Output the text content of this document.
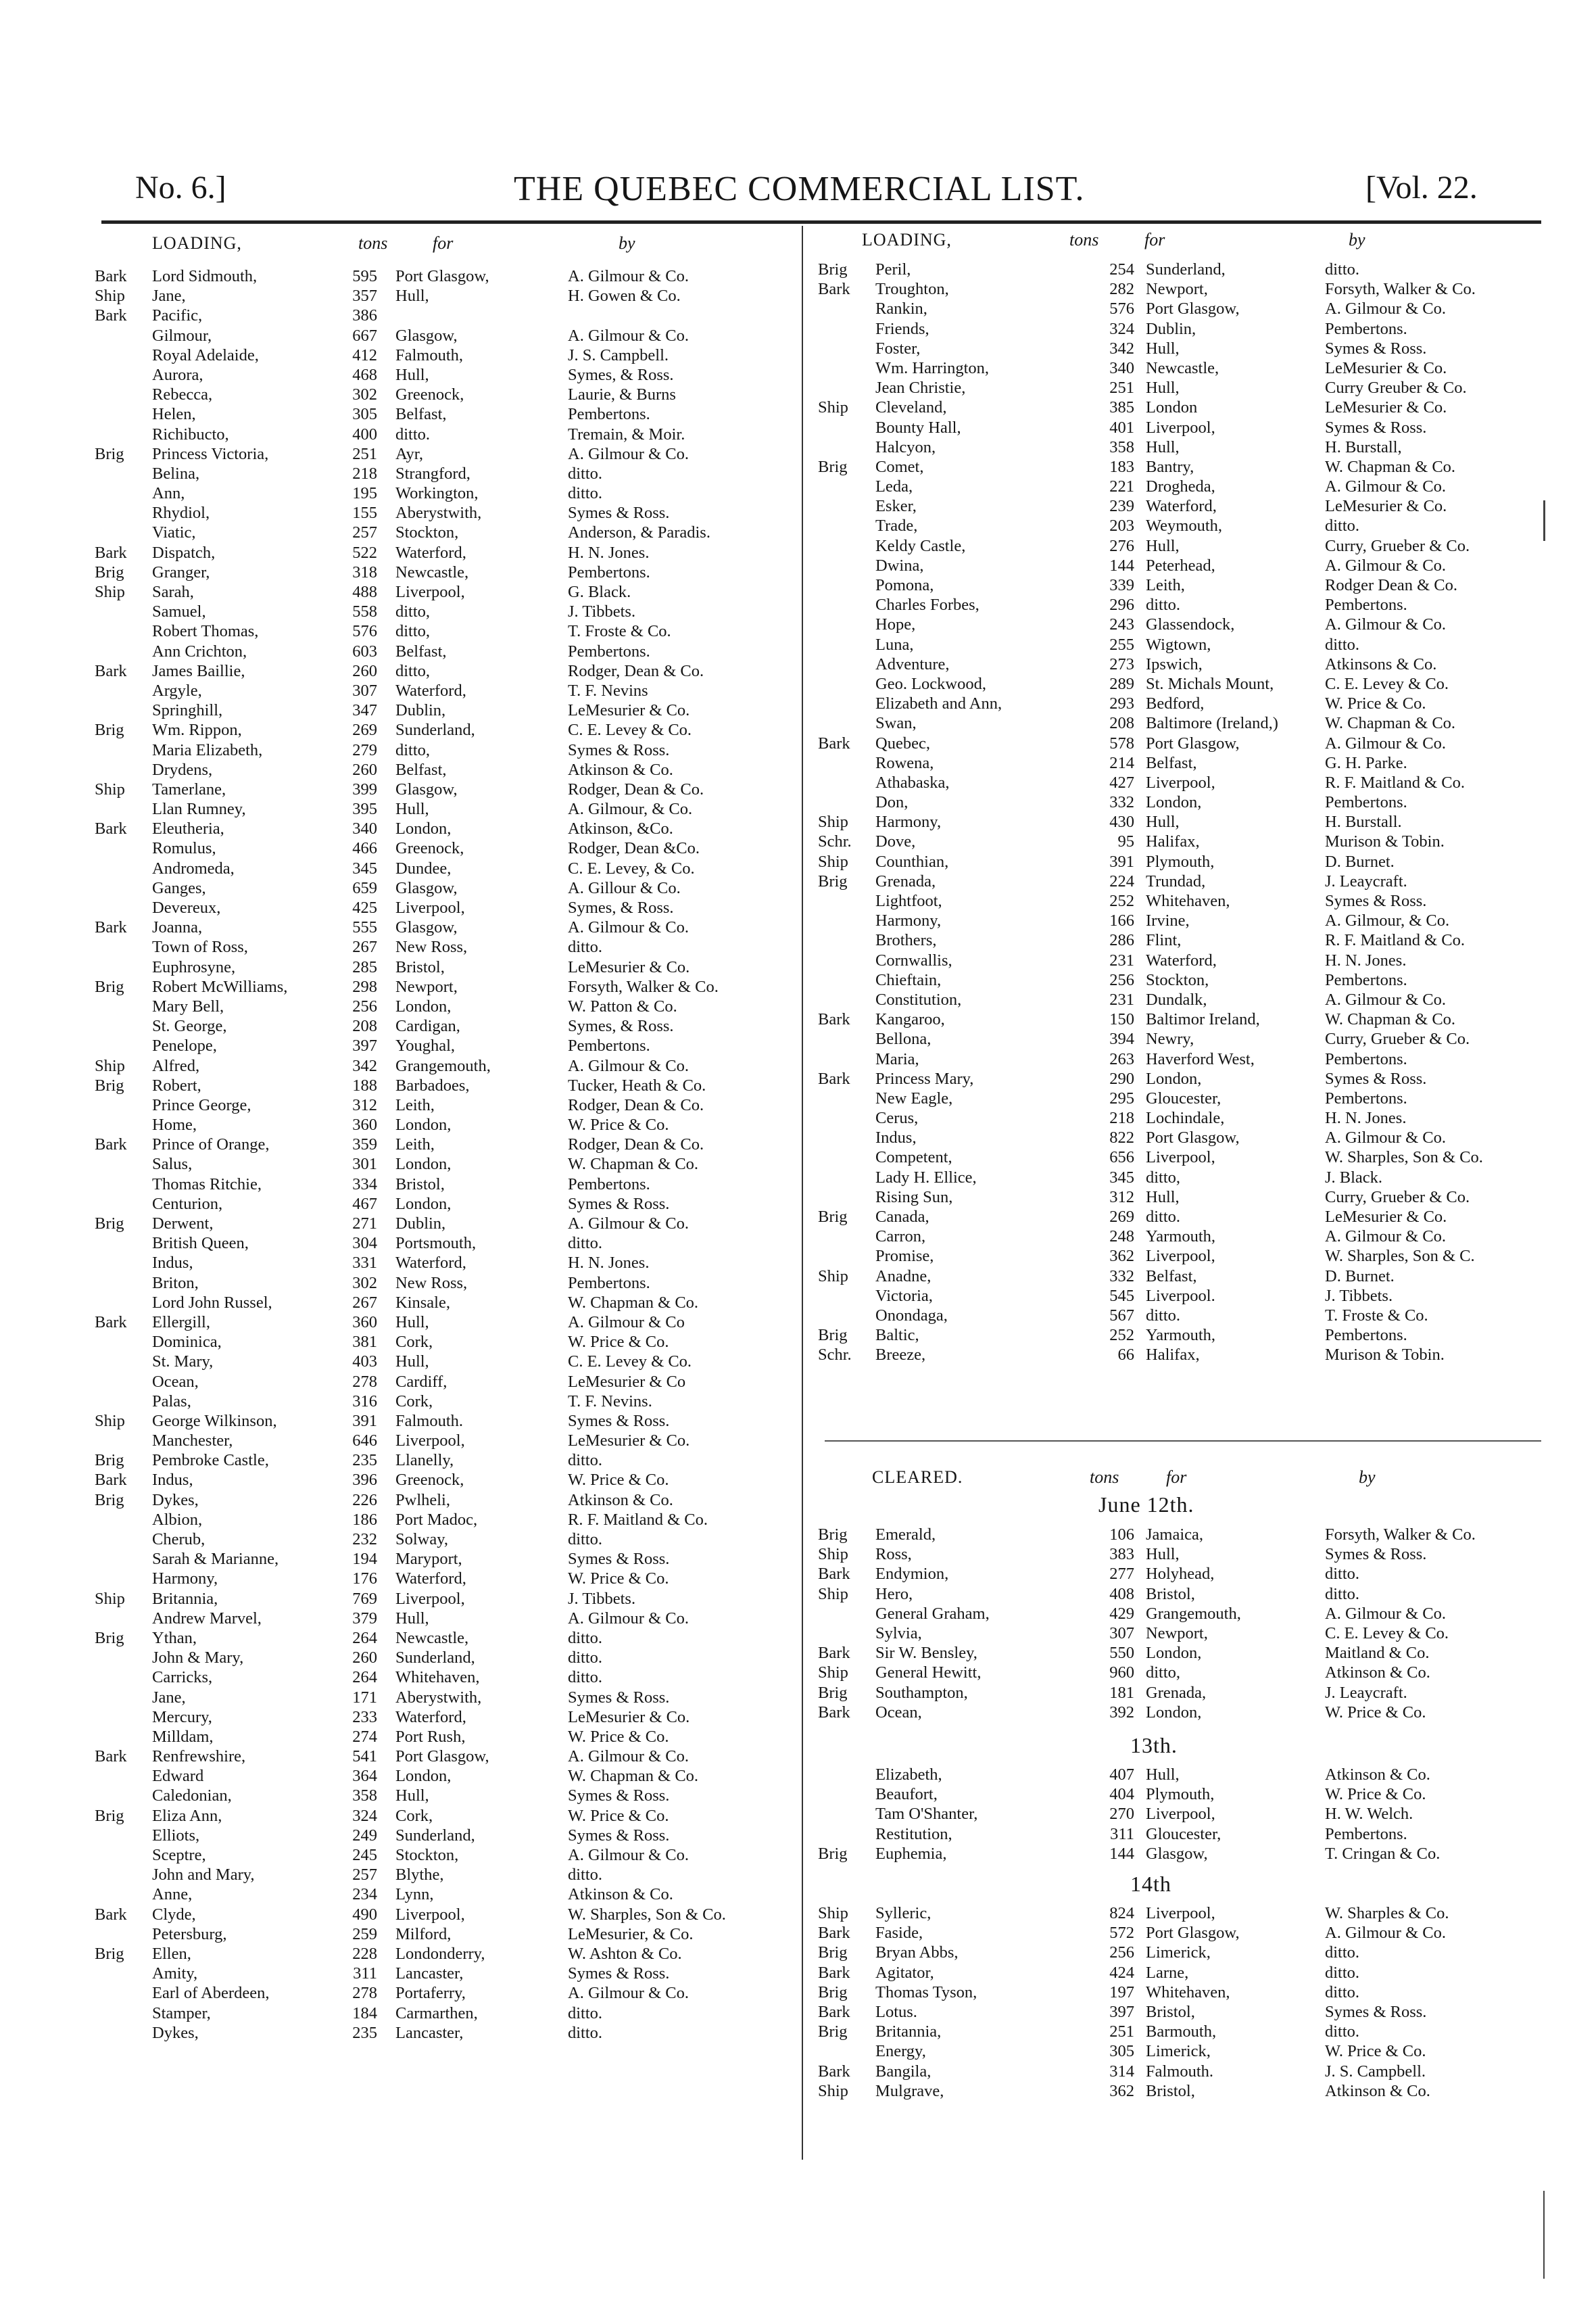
No. 6.]	THE QUEBEC COMMERCIAL LIST.	[Vol. 22.
LOADING,	tons	for	by
Bark Lord Sidmouth,	595 Port Glasgow,	A. Gilmour & Co.
Ship Jane,	357 Hull,	H. Gowen & Co.
Bark Pacific,	386
Gilmour,	667 Glasgow,	A. Gilmour & Co.
Royal Adelaide,	412 Falmouth,	J. S. Campbell.
Aurora,	468 Hull,	Symes, & Ross.
Rebecca,	302 Greenock,	Laurie, & Burns
Helen,	305 Belfast,	Pembertons.
Richibucto,	400 ditto.	Tremain, & Moir.
Brig Princess Victoria,	251 Ayr,	A. Gilmour & Co.
Belina,	218 Strangford,	ditto.
Ann,	195 Workington,	ditto.
Rhydiol,	155 Aberystwith,	Symes & Ross.
Viatic,	257 Stockton,	Anderson, & Paradis.
Bark Dispatch,	522 Waterford,	H. N. Jones.
Brig Granger,	318 Newcastle,	Pembertons.
Ship Sarah,	488 Liverpool,	G. Black.
Samuel,	558 ditto,	J. Tibbets.
Robert Thomas,	576 ditto,	T. Froste & Co.
Ann Crichton,	603 Belfast,	Pembertons.
Bark James Baillie,	260 ditto,	Rodger, Dean & Co.
Argyle,	307 Waterford,	T. F. Nevins
Springhill,	347 Dublin,	LeMesurier & Co.
Brig Wm. Rippon,	269 Sunderland,	C. E. Levey & Co.
Maria Elizabeth,	279 ditto,	Symes & Ross.
Drydens,	260 Belfast,	Atkinson & Co.
Ship Tamerlane,	399 Glasgow,	Rodger, Dean & Co.
Llan Rumney,	395 Hull,	A. Gilmour, & Co.
Bark Eleutheria,	340 London,	Atkinson, &Co.
Romulus,	466 Greenock,	Rodger, Dean &Co.
Andromeda,	345 Dundee,	C. E. Levey, & Co.
Ganges,	659 Glasgow,	A. Gillour & Co.
Devereux,	425 Liverpool,	Symes, & Ross.
Bark Joanna,	555 Glasgow,	A. Gilmour & Co.
Town of Ross,	267 New Ross,	ditto.
Euphrosyne,	285 Bristol,	LeMesurier & Co.
Brig Robert McWilliams,	298 Newport,	Forsyth, Walker & Co.
Mary Bell,	256 London,	W. Patton & Co.
St. George,	208 Cardigan,	Symes, & Ross.
Penelope,	397 Youghal,	Pembertons.
Ship Alfred,	342 Grangemouth,	A. Gilmour & Co.
Brig Robert,	188 Barbadoes,	Tucker, Heath & Co.
Prince George,	312 Leith,	Rodger, Dean & Co.
Home,	360 London,	W. Price & Co.
Bark Prince of Orange,	359 Leith,	Rodger, Dean & Co.
Salus,	301 London,	W. Chapman & Co.
Thomas Ritchie,	334 Bristol,	Pembertons.
Centurion,	467 London,	Symes & Ross.
Brig Derwent,	271 Dublin,	A. Gilmour & Co.
British Queen,	304 Portsmouth,	ditto.
Indus,	331 Waterford,	H. N. Jones.
Briton,	302 New Ross,	Pembertons.
Lord John Russel,	267 Kinsale,	W. Chapman & Co.
Bark Ellergill,	360 Hull,	A. Gilmour & Co
Dominica,	381 Cork,	W. Price & Co.
St. Mary,	403 Hull,	C. E. Levey & Co.
Ocean,	278 Cardiff,	LeMesurier & Co
Palas,	316 Cork,	T. F. Nevins.
Ship George Wilkinson,	391 Falmouth.	Symes & Ross.
Manchester,	646 Liverpool,	LeMesurier & Co.
Brig Pembroke Castle,	235 Llanelly,	ditto.
Bark Indus,	396 Greenock,	W. Price & Co.
Brig Dykes,	226 Pwlheli,	Atkinson & Co.
Albion,	186 Port Madoc,	R. F. Maitland & Co.
Cherub,	232 Solway,	ditto.
Sarah & Marianne,	194 Maryport,	Symes & Ross.
Harmony,	176 Waterford,	W. Price & Co.
Ship Britannia,	769 Liverpool,	J. Tibbets.
Andrew Marvel,	379 Hull,	A. Gilmour & Co.
Brig Ythan,	264 Newcastle,	ditto.
John & Mary,	260 Sunderland,	ditto.
Carricks,	264 Whitehaven,	ditto.
Jane,	171 Aberystwith,	Symes & Ross.
Mercury,	233 Waterford,	LeMesurier & Co.
Milldam,	274 Port Rush,	W. Price & Co.
Bark Renfrewshire,	541 Port Glasgow,	A. Gilmour & Co.
Edward	364 London,	W. Chapman & Co.
Caledonian,	358 Hull,	Symes & Ross.
Brig Eliza Ann,	324 Cork,	W. Price & Co.
Elliots,	249 Sunderland,	Symes & Ross.
Sceptre,	245 Stockton,	A. Gilmour & Co.
John and Mary,	257 Blythe,	ditto.
Anne,	234 Lynn,	Atkinson & Co.
Bark Clyde,	490 Liverpool,	W. Sharples, Son & Co.
Petersburg,	259 Milford,	LeMesurier, & Co.
Brig Ellen,	228 Londonderry,	W. Ashton & Co.
Amity,	311 Lancaster,	Symes & Ross.
Earl of Aberdeen,	278 Portaferry,	A. Gilmour & Co.
Stamper,	184 Carmarthen,	ditto.
Dykes,	235 Lancaster,	ditto.
LOADING,	tons	for	by
Brig Peril,	254 Sunderland,	ditto.
Bark Troughton,	282 Newport,	Forsyth, Walker & Co.
Rankin,	576 Port Glasgow,	A. Gilmour & Co.
Friends,	324 Dublin,	Pembertons.
Foster,	342 Hull,	Symes & Ross.
Wm. Harrington,	340 Newcastle,	LeMesurier & Co.
Jean Christie,	251 Hull,	Curry Greuber & Co.
Ship Cleveland,	385 London	LeMesurier & Co.
Bounty Hall,	401 Liverpool,	Symes & Ross.
Halcyon,	358 Hull,	H. Burstall,
Brig Comet,	183 Bantry,	W. Chapman & Co.
Leda,	221 Drogheda,	A. Gilmour & Co.
Esker,	239 Waterford,	LeMesurier & Co.
Trade,	203 Weymouth,	ditto.
Keldy Castle,	276 Hull,	Curry, Grueber & Co.
Dwina,	144 Peterhead,	A. Gilmour & Co.
Pomona,	339 Leith,	Rodger Dean & Co.
Charles Forbes,	296 ditto.	Pembertons.
Hope,	243 Glassendock,	A. Gilmour & Co.
Luna,	255 Wigtown,	ditto.
Adventure,	273 Ipswich,	Atkinsons & Co.
Geo. Lockwood,	289 St. Michals Mount,	C. E. Levey & Co.
Elizabeth and Ann,	293 Bedford,	W. Price & Co.
Swan,	208 Baltimore (Ireland,)	W. Chapman & Co.
Bark Quebec,	578 Port Glasgow,	A. Gilmour & Co.
Rowena,	214 Belfast,	G. H. Parke.
Athabaska,	427 Liverpool,	R. F. Maitland & Co.
Don,	332 London,	Pembertons.
Ship Harmony,	430 Hull,	H. Burstall.
Schr. Dove,	95 Halifax,	Murison & Tobin.
Ship Counthian,	391 Plymouth,	D. Burnet.
Brig Grenada,	224 Trundad,	J. Leaycraft.
Lightfoot,	252 Whitehaven,	Symes & Ross.
Harmony,	166 Irvine,	A. Gilmour, & Co.
Brothers,	286 Flint,	R. F. Maitland & Co.
Cornwallis,	231 Waterford,	H. N. Jones.
Chieftain,	256 Stockton,	Pembertons.
Constitution,	231 Dundalk,	A. Gilmour & Co.
Bark Kangaroo,	150 Baltimor Ireland,	W. Chapman & Co.
Bellona,	394 Newry,	Curry, Grueber & Co.
Maria,	263 Haverford West,	Pembertons.
Bark Princess Mary,	290 London,	Symes & Ross.
New Eagle,	295 Gloucester,	Pembertons.
Cerus,	218 Lochindale,	H. N. Jones.
Indus,	822 Port Glasgow,	A. Gilmour & Co.
Competent,	656 Liverpool,	W. Sharples, Son & Co.
Lady H. Ellice,	345 ditto,	J. Black.
Rising Sun,	312 Hull,	Curry, Grueber & Co.
Brig Canada,	269 ditto.	LeMesurier & Co.
Carron,	248 Yarmouth,	A. Gilmour & Co.
Promise,	362 Liverpool,	W. Sharples, Son & C.
Ship Anadne,	332 Belfast,	D. Burnet.
Victoria,	545 Liverpool.	J. Tibbets.
Onondaga,	567 ditto.	T. Froste & Co.
Brig Baltic,	252 Yarmouth,	Pembertons.
Schr. Breeze,	66 Halifax,	Murison & Tobin.
CLEARED.	tons	for	by
June 12th.
Brig Emerald,	106 Jamaica,	Forsyth, Walker & Co.
Ship Ross,	383 Hull,	Symes & Ross.
Bark Endymion,	277 Holyhead,	ditto.
Ship Hero,	408 Bristol,	ditto.
General Graham,	429 Grangemouth,	A. Gilmour & Co.
Sylvia,	307 Newport,	C. E. Levey & Co.
Bark Sir W. Bensley,	550 London,	Maitland & Co.
Ship General Hewitt,	960 ditto,	Atkinson & Co.
Brig Southampton,	181 Grenada,	J. Leaycraft.
Bark Ocean,	392 London,	W. Price & Co.
13th.
Elizabeth,	407 Hull,	Atkinson & Co.
Beaufort,	404 Plymouth,	W. Price & Co.
Tam O'Shanter,	270 Liverpool,	H. W. Welch.
Restitution,	311 Gloucester,	Pembertons.
Brig Euphemia,	144 Glasgow,	T. Cringan & Co.
14th
Ship Sylleric,	824 Liverpool,	W. Sharples & Co.
Bark Faside,	572 Port Glasgow,	A. Gilmour & Co.
Brig Bryan Abbs,	256 Limerick,	ditto.
Bark Agitator,	424 Larne,	ditto.
Brig Thomas Tyson,	197 Whitehaven,	ditto.
Bark Lotus.	397 Bristol,	Symes & Ross.
Brig Britannia,	251 Barmouth,	ditto.
Energy,	305 Limerick,	W. Price & Co.
Bark Bangila,	314 Falmouth.	J. S. Campbell.
Ship Mulgrave,	362 Bristol,	Atkinson & Co.
